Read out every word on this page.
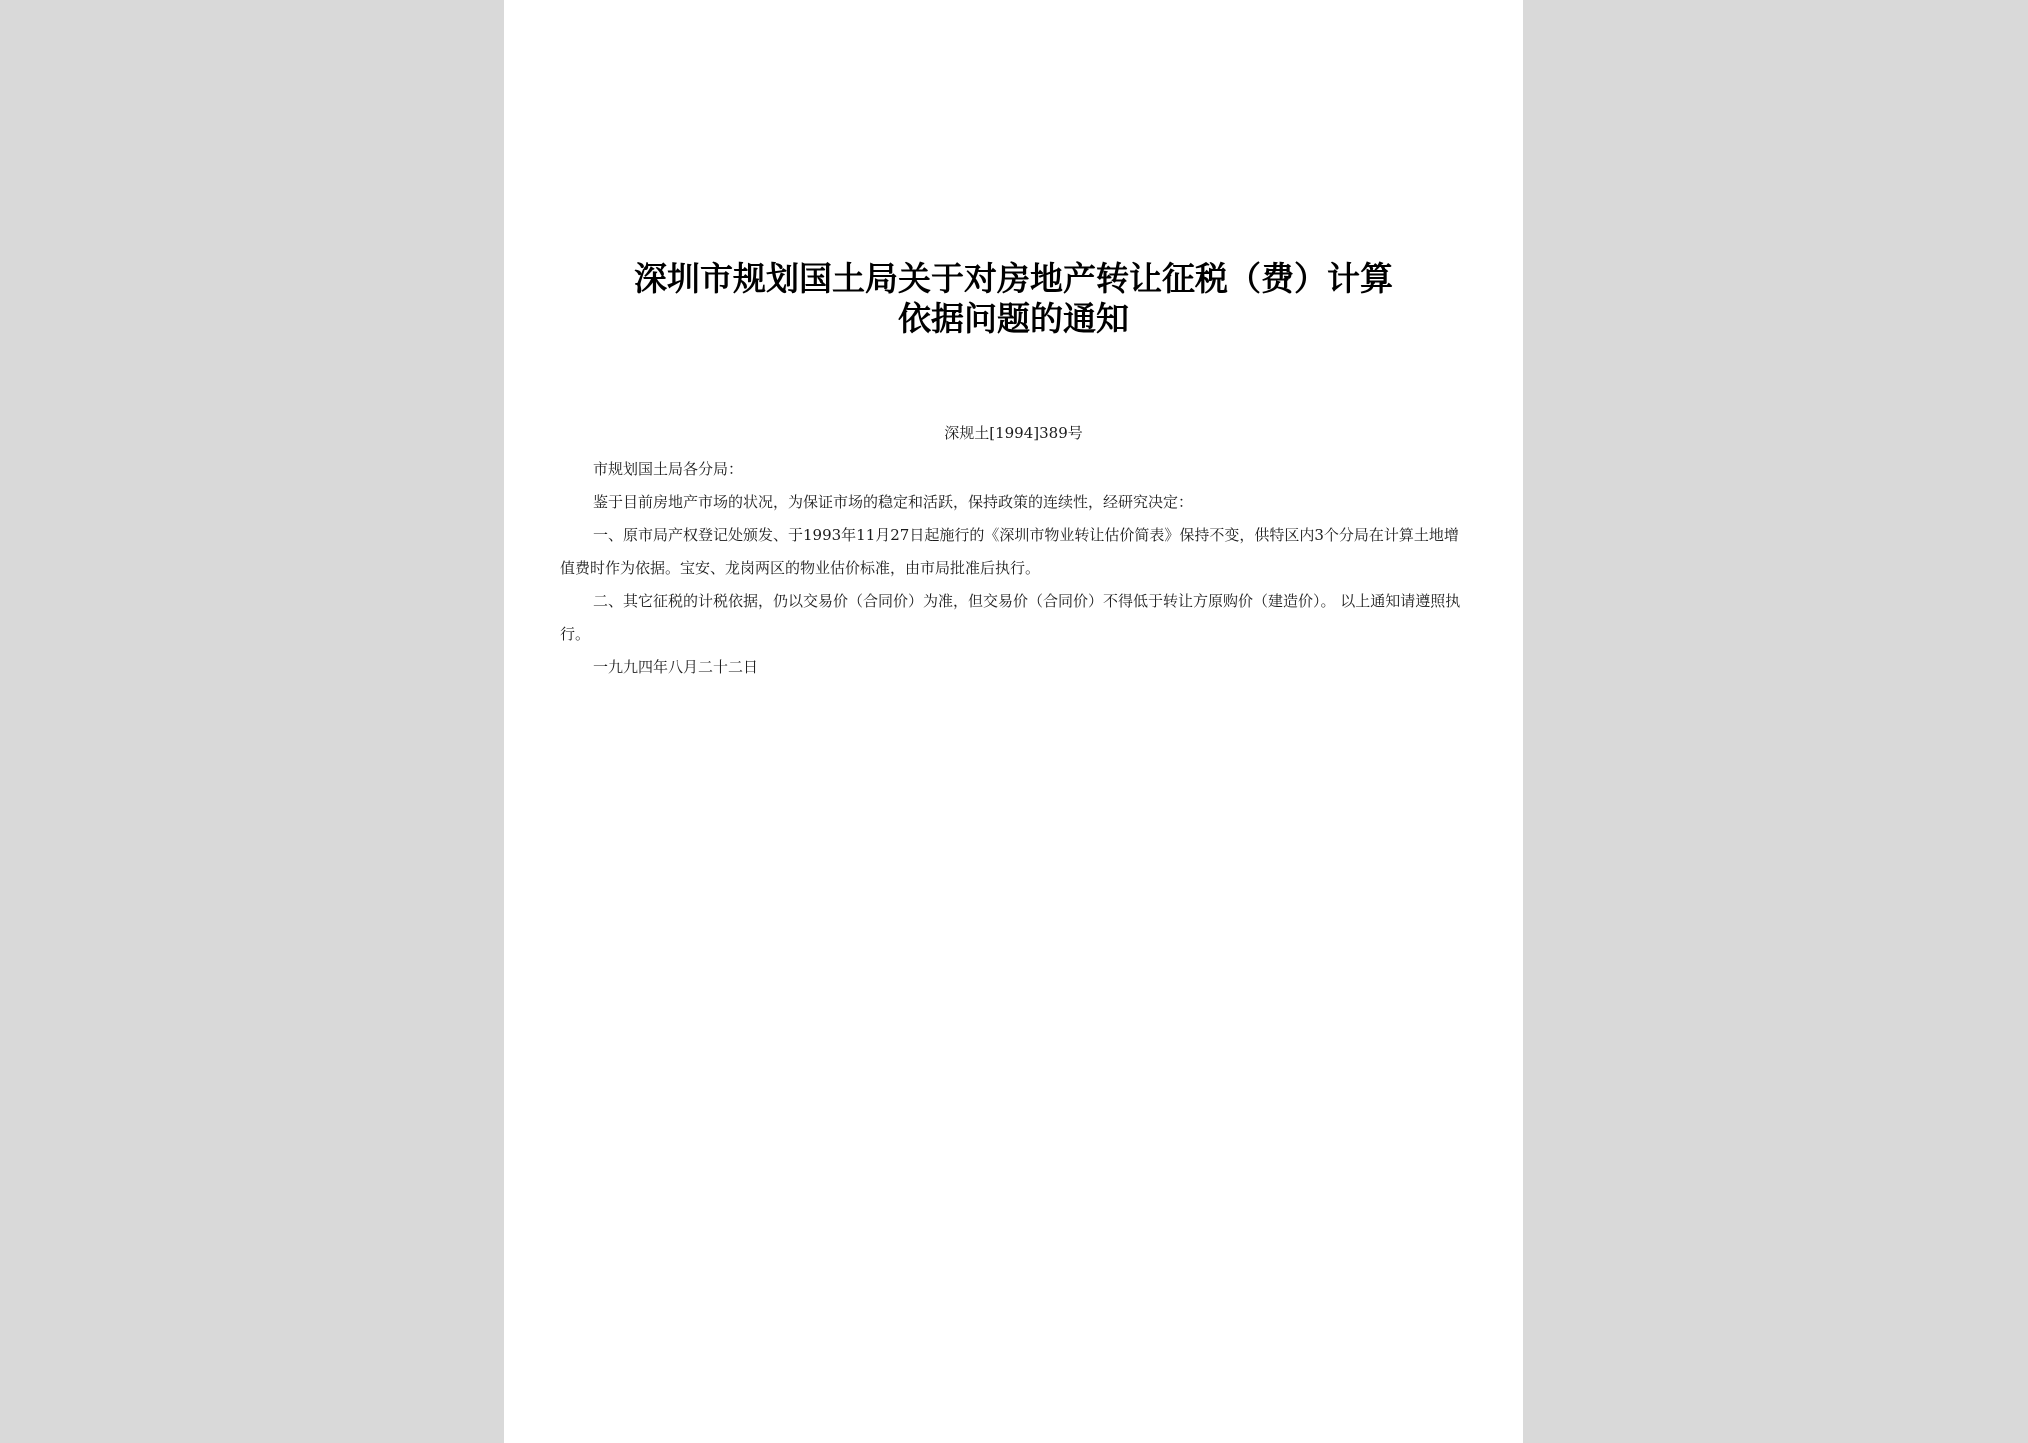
深圳市规划国土局关于对房地产转让征税（费）计算
依据问题的通知
深规土[1994]389号

市规划国土局各分局：

鉴于目前房地产市场的状况，为保证市场的稳定和活跃，保持政策的连续性，经研究决定：

一、原市局产权登记处颁发、于1993年11月27日起施行的《深圳市物业转让估价简表》保持不变，供特区内3个分局在计算土地增值费时作为依据。宝安、龙岗两区的物业估价标准，由市局批准后执行。

二、其它征税的计税依据，仍以交易价（合同价）为准，但交易价（合同价）不得低于转让方原购价（建造价）。 以上通知请遵照执行。

一九九四年八月二十二日
